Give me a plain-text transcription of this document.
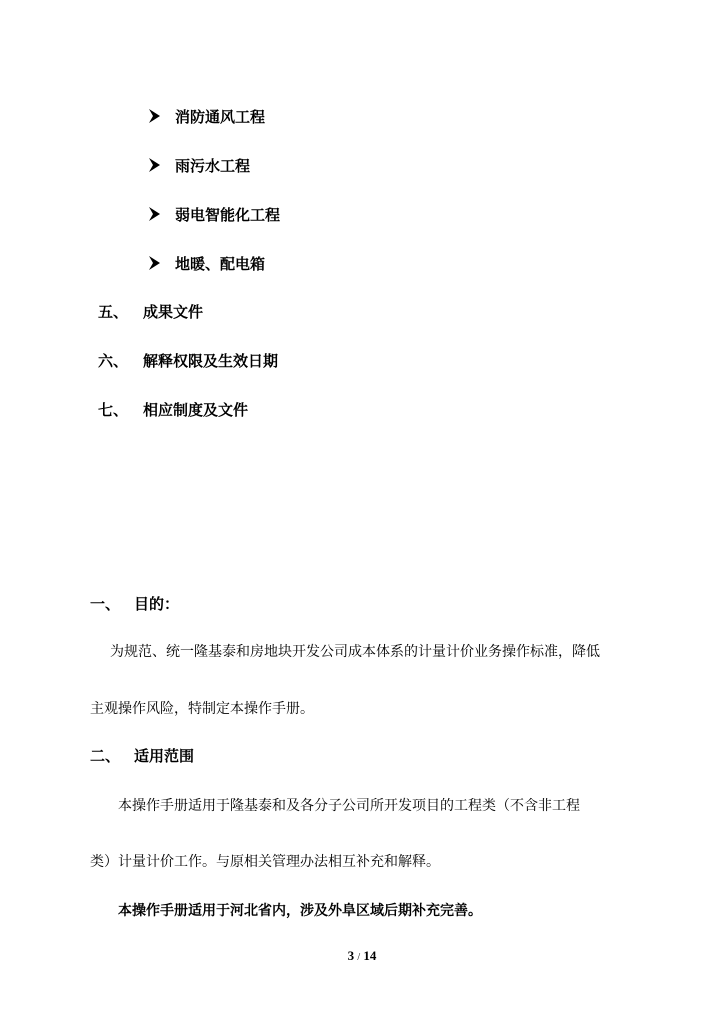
消防通风工程
雨污水工程
弱电智能化工程
地暖、配电箱
五、 成果文件
六、 解释权限及生效日期
七、 相应制度及文件
一、 目的：
为规范、统一隆基泰和房地块开发公司成本体系的计量计价业务操作标准，降低
主观操作风险，特制定本操作手册。
二、 适用范围
本操作手册适用于隆基泰和及各分子公司所开发项目的工程类（不含非工程
类）计量计价工作。与原相关管理办法相互补充和解释。
本操作手册适用于河北省内，涉及外阜区域后期补充完善。
3 / 14
